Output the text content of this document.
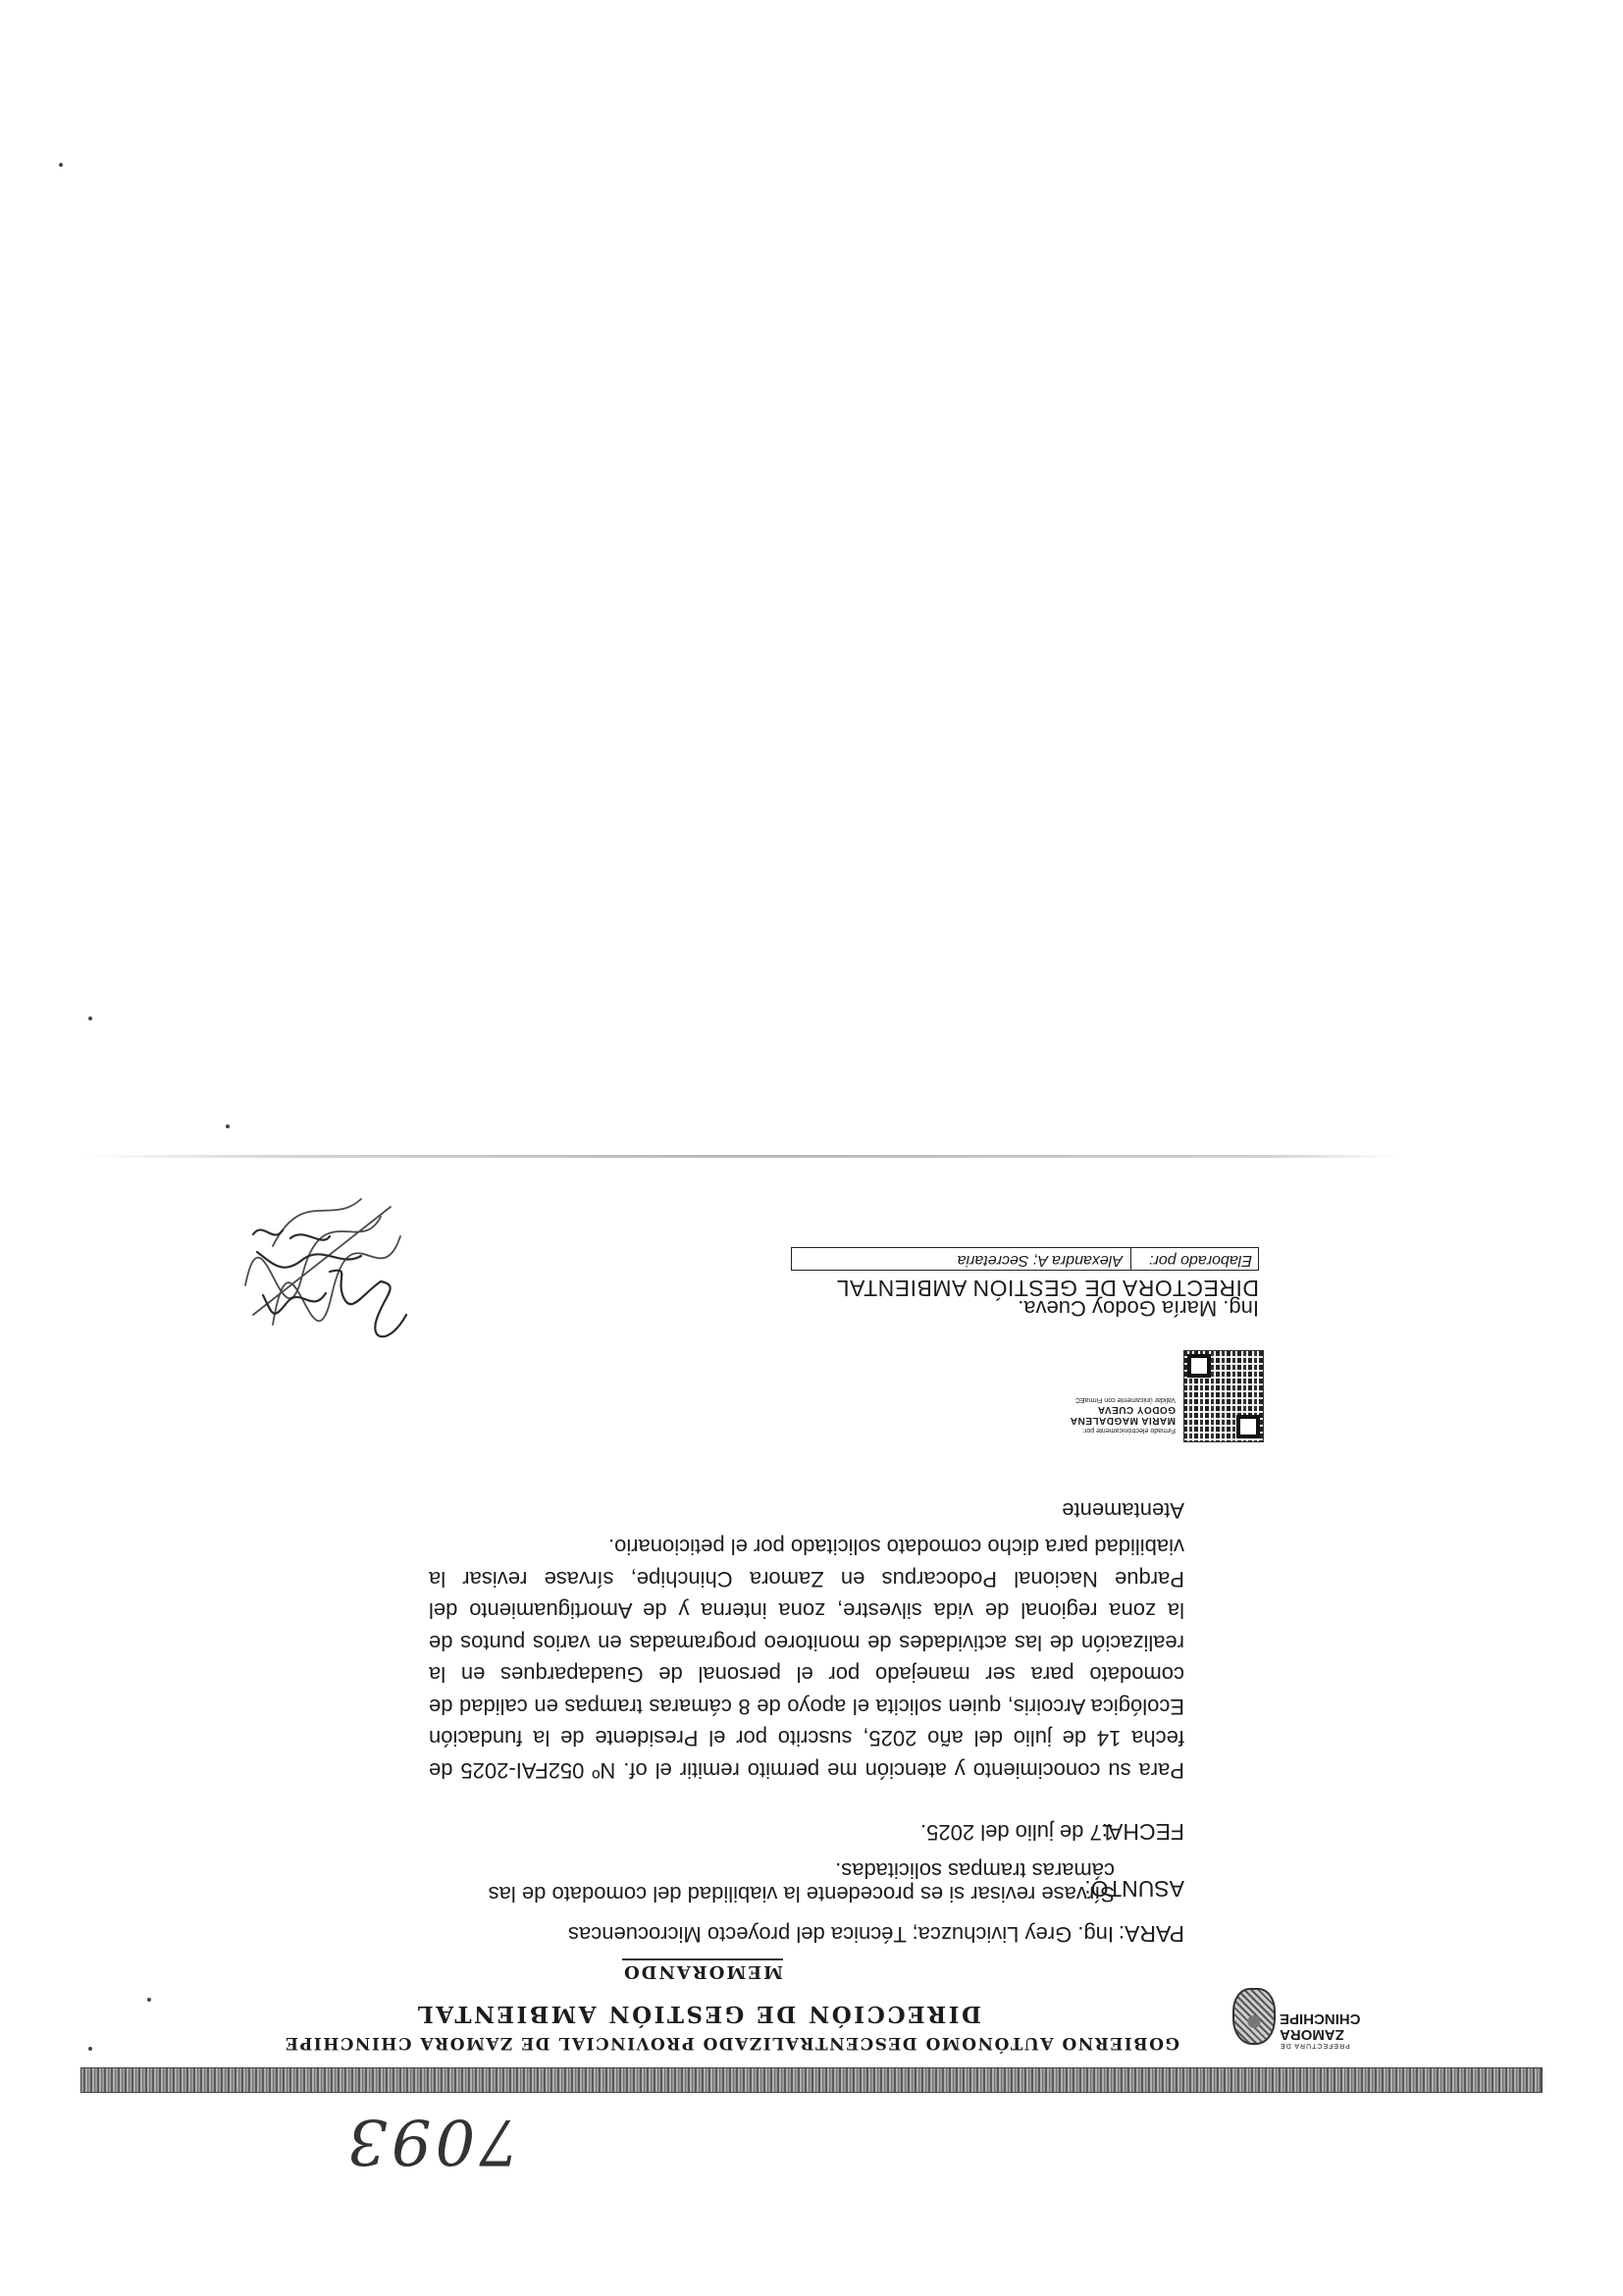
7093
PREFECTURA DE
ZAMORA
CHINCHIPE
GOBIERNO AUTÓNOMO DESCENTRALIZADO PROVINCIAL DE ZAMORA CHINCHIPE
DIRECCIÓN DE GESTIÓN AMBIENTAL
MEMORANDO
PARA:
Ing. Grey Livichuzca; Técnica del proyecto Microcuencas
ASUNTO:
Sírvase revisar si es procedente la viabilidad del comodato de las cámaras trampas solicitadas.
FECHA:
17 de julio del 2025.
Para su conocimiento y atención me permito remitir el of. Nº 052FAI-2025 de fecha 14 de julio del año 2025, suscrito por el Presidente de la fundación Ecológica Arcoiris, quien solicita el apoyo de 8 cámaras trampas en calidad de comodato para ser manejado por el personal de Guadaparques en la realización de las actividades de monitoreo programadas en varios puntos de la zona regional de vida silvestre, zona interna y de Amortiguamiento del Parque Nacional Podocarpus en Zamora Chinchipe, sírvase revisar la viabilidad para dicho comodato solicitado por el peticionario.
Atentamente
Firmado electrónicamente por:
MARIA MAGDALENA
GODOY CUEVA
Validar únicamente con FirmaEC
Ing. María Godoy Cueva.
DIRECTORA DE GESTIÓN AMBIENTAL
Elaborado por:
Alexandra A; Secretaria
